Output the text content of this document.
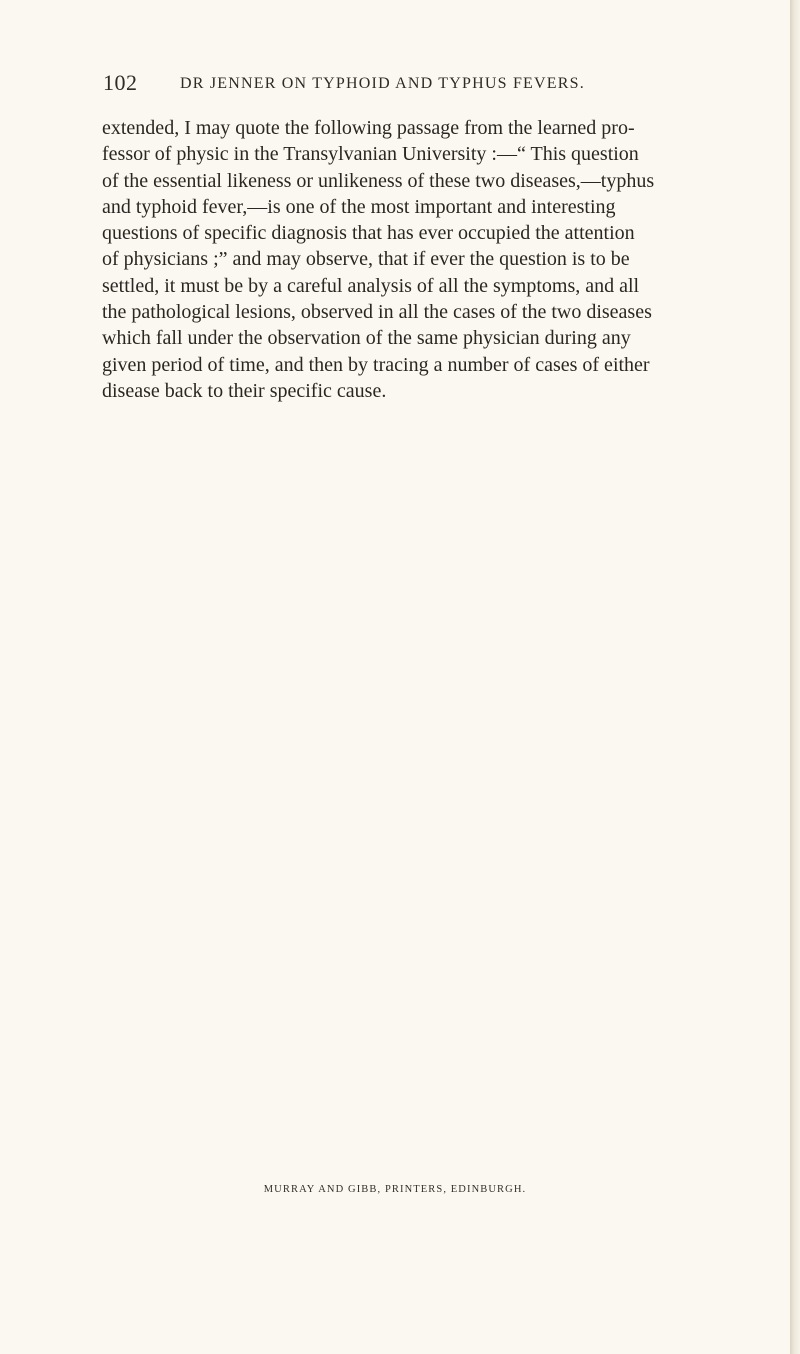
102	DR JENNER ON TYPHOID AND TYPHUS FEVERS.

extended, I may quote the following passage from the learned pro-
fessor of physic in the Transylvanian University :—“ This question
of the essential likeness or unlikeness of these two diseases,—typhus
and typhoid fever,—is one of the most important and interesting
questions of specific diagnosis that has ever occupied the attention
of physicians ;” and may observe, that if ever the question is to be
settled, it must be by a careful analysis of all the symptoms, and all
the pathological lesions, observed in all the cases of the two diseases
which fall under the observation of the same physician during any
given period of time, and then by tracing a number of cases of either
disease back to their specific cause.

MURRAY AND GIBB, PRINTERS, EDINBURGH.
